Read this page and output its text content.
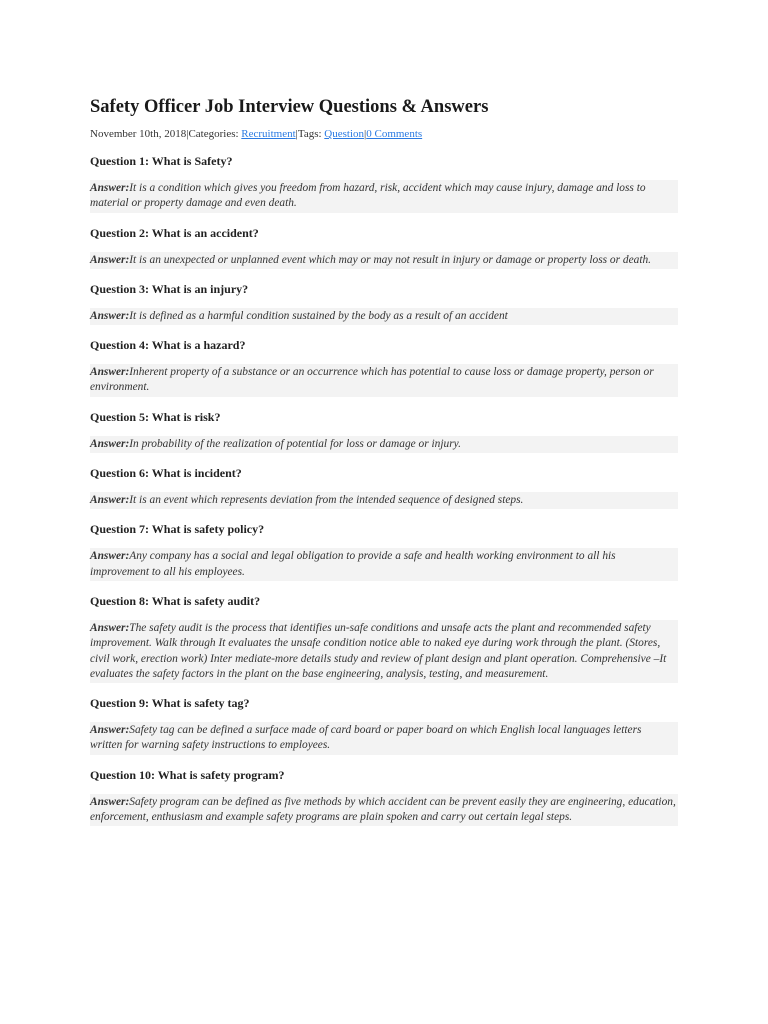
Safety Officer Job Interview Questions & Answers
November 10th, 2018|Categories: Recruitment|Tags: Question|0 Comments
Question 1: What is Safety?
Answer:It is a condition which gives you freedom from hazard, risk, accident which may cause injury, damage and loss to material or property damage and even death.
Question 2: What is an accident?
Answer:It is an unexpected or unplanned event which may or may not result in injury or damage or property loss or death.
Question 3: What is an injury?
Answer:It is defined as a harmful condition sustained by the body as a result of an accident
Question 4: What is a hazard?
Answer:Inherent property of a substance or an occurrence which has potential to cause loss or damage property, person or environment.
Question 5: What is risk?
Answer:In probability of the realization of potential for loss or damage or injury.
Question 6: What is incident?
Answer:It is an event which represents deviation from the intended sequence of designed steps.
Question 7: What is safety policy?
Answer:Any company has a social and legal obligation to provide a safe and health working environment to all his improvement to all his employees.
Question 8: What is safety audit?
Answer:The safety audit is the process that identifies un-safe conditions and unsafe acts the plant and recommended safety improvement. Walk through It evaluates the unsafe condition notice able to naked eye during work through the plant. (Stores, civil work, erection work) Inter mediate-more details study and review of plant design and plant operation. Comprehensive –It evaluates the safety factors in the plant on the base engineering, analysis, testing, and measurement.
Question 9: What is safety tag?
Answer:Safety tag can be defined a surface made of card board or paper board on which English local languages letters written for warning safety instructions to employees.
Question 10: What is safety program?
Answer:Safety program can be defined as five methods by which accident can be prevent easily they are engineering, education, enforcement, enthusiasm and example safety programs are plain spoken and carry out certain legal steps.
